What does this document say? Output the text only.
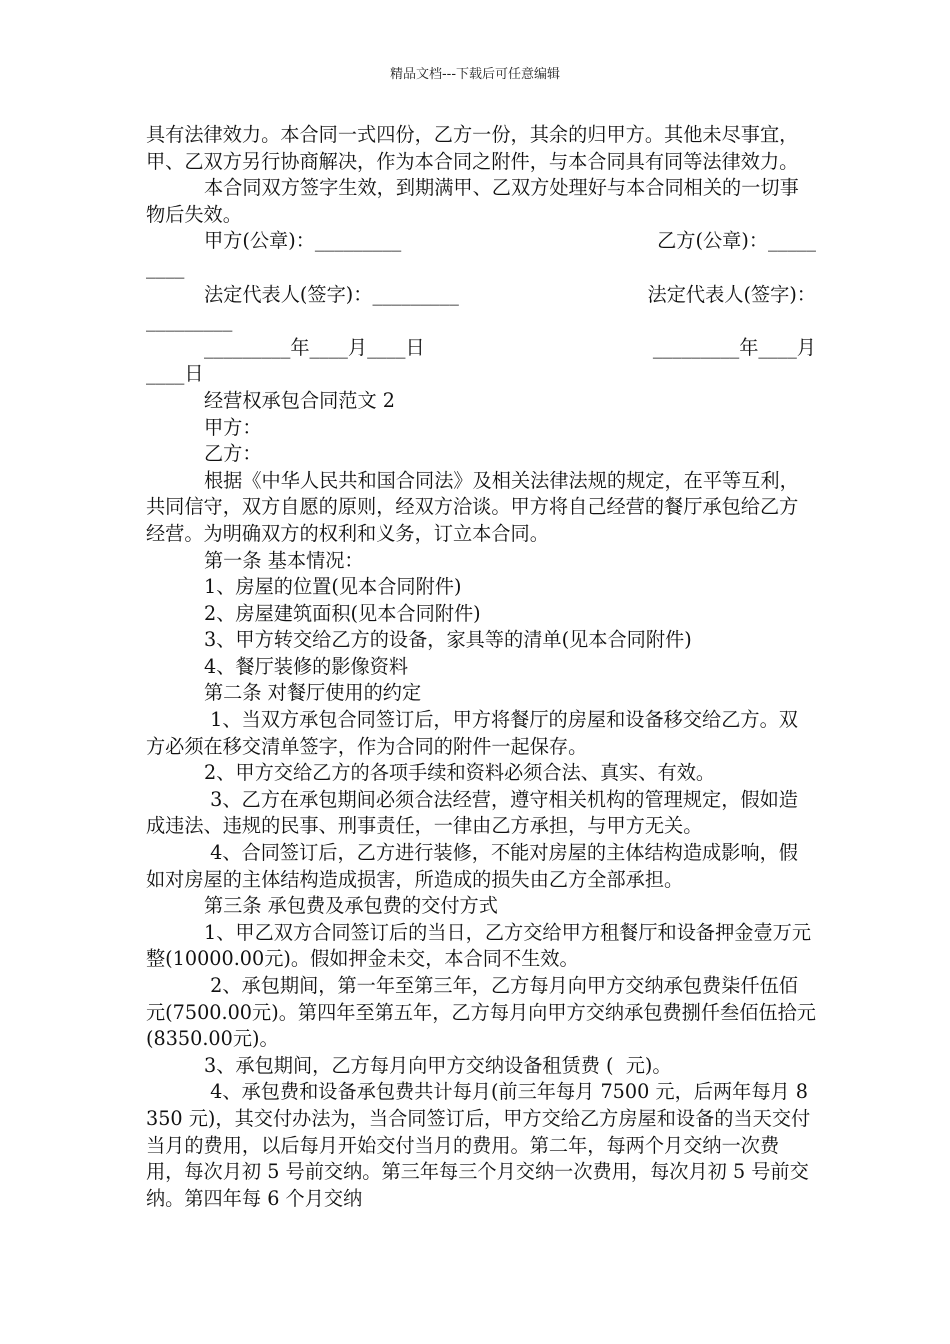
精品文档---下载后可任意编辑

具有法律效力。本合同一式四份，乙方一份，其余的归甲方。其他未尽事宜，甲、乙双方另行协商解决，作为本合同之附件，与本合同具有同等法律效力。

本合同双方签字生效，到期满甲、乙双方处理好与本合同相关的一切事物后失效。

甲方(公章)：_________	乙方(公章)：_____

____

法定代表人(签字)：_________	法定代表人(签字)：

_________

_________年____月____日	_________年____月

____日

经营权承包合同范文 2

甲方：

乙方：

根据《中华人民共和国合同法》及相关法律法规的规定，在平等互利，共同信守，双方自愿的原则，经双方洽谈。甲方将自己经营的餐厅承包给乙方经营。为明确双方的权利和义务，订立本合同。

第一条 基本情况：

1、房屋的位置(见本合同附件)

2、房屋建筑面积(见本合同附件)

3、甲方转交给乙方的设备，家具等的清单(见本合同附件)

4、餐厅装修的影像资料

第二条 对餐厅使用的约定

1、当双方承包合同签订后，甲方将餐厅的房屋和设备移交给乙方。双方必须在移交清单签字，作为合同的附件一起保存。

2、甲方交给乙方的各项手续和资料必须合法、真实、有效。

3、乙方在承包期间必须合法经营，遵守相关机构的管理规定，假如造成违法、违规的民事、刑事责任，一律由乙方承担，与甲方无关。

4、合同签订后，乙方进行装修，不能对房屋的主体结构造成影响，假如对房屋的主体结构造成损害，所造成的损失由乙方全部承担。

第三条 承包费及承包费的交付方式

1、甲乙双方合同签订后的当日，乙方交给甲方租餐厅和设备押金壹万元整(10000.00元)。假如押金未交，本合同不生效。

2、承包期间，第一年至第三年，乙方每月向甲方交纳承包费柒仟伍佰元(7500.00元)。第四年至第五年，乙方每月向甲方交纳承包费捌仟叁佰伍拾元(8350.00元)。

3、承包期间，乙方每月向甲方交纳设备租赁费 (  元)。

4、承包费和设备承包费共计每月(前三年每月 7500 元，后两年每月 8350 元)，其交付办法为，当合同签订后，甲方交给乙方房屋和设备的当天交付当月的费用，以后每月开始交付当月的费用。第二年，每两个月交纳一次费用，每次月初 5 号前交纳。第三年每三个月交纳一次费用，每次月初 5 号前交纳。第四年每 6 个月交纳
